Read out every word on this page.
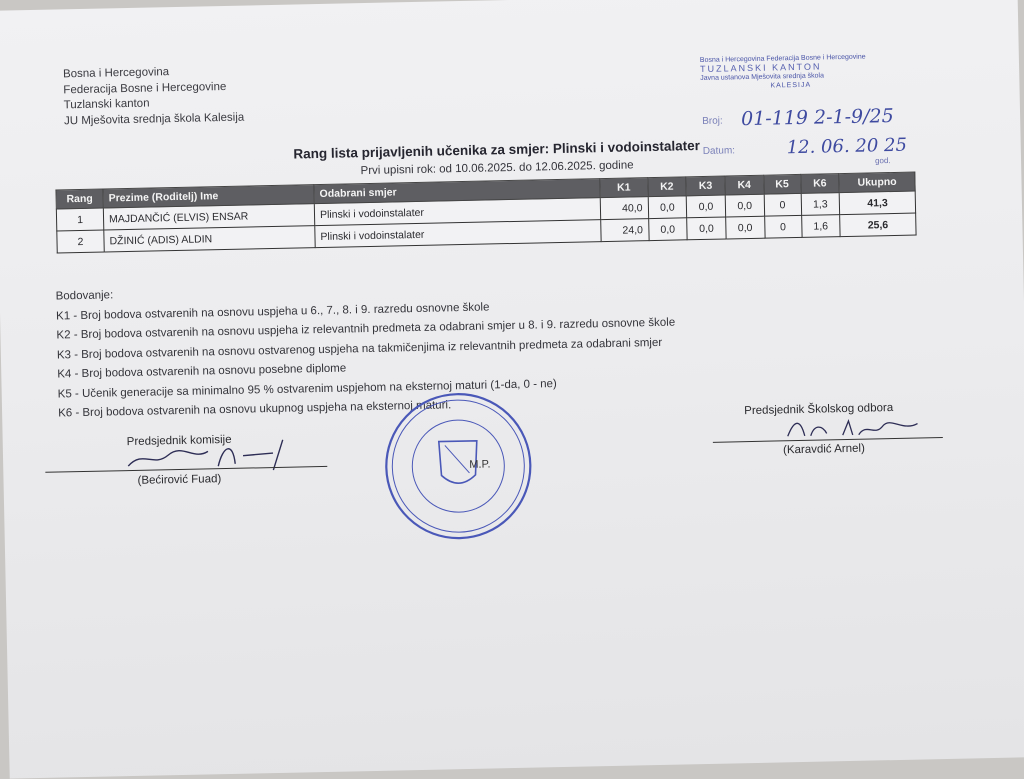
Bosna i Hercegovina
Federacija Bosne i Hercegovine
Tuzlanski kanton
JU Mješovita srednja škola Kalesija
Bosna i Hercegovina Federacija Bosne i Hercegovine
TUZLANSKI KANTON
Javna ustanova Mješovita srednja škola
KALESIJA
Broj: 01-119 2-1-9/25
Datum:	12. 06. 20 25
god.
Rang lista prijavljenih učenika za smjer: Plinski i vodoinstalater
Prvi upisni rok: od 10.06.2025. do 12.06.2025. godine
Rang	Prezime (Roditelj) Ime	Odabrani smjer	K1	K2	K3	K4	K5	K6	Ukupno
1	MAJDANČIĆ (ELVIS) ENSAR	Plinski i vodoinstalater	40,0	0,0	0,0	0,0	0	1,3	41,3
2	DŽINIĆ (ADIS) ALDIN	Plinski i vodoinstalater	24,0	0,0	0,0	0,0	0	1,6	25,6
Bodovanje:
K1 - Broj bodova ostvarenih na osnovu uspjeha u 6., 7., 8. i 9. razredu osnovne škole
K2 - Broj bodova ostvarenih na osnovu uspjeha iz relevantnih predmeta za odabrani smjer u 8. i 9. razredu osnovne škole
K3 - Broj bodova ostvarenih na osnovu ostvarenog uspjeha na takmičenjima iz relevantnih predmeta za odabrani smjer
K4 - Broj bodova ostvarenih na osnovu posebne diplome
K5 - Učenik generacije sa minimalno 95 % ostvarenim uspjehom na eksternoj maturi (1-da, 0 - ne)
K6 - Broj bodova ostvarenih na osnovu ukupnog uspjeha na eksternoj maturi.
Predsjednik komisije
(Bećirović Fuad)
M.P.
Predsjednik Školskog odbora
(Karavdić Arnel)
